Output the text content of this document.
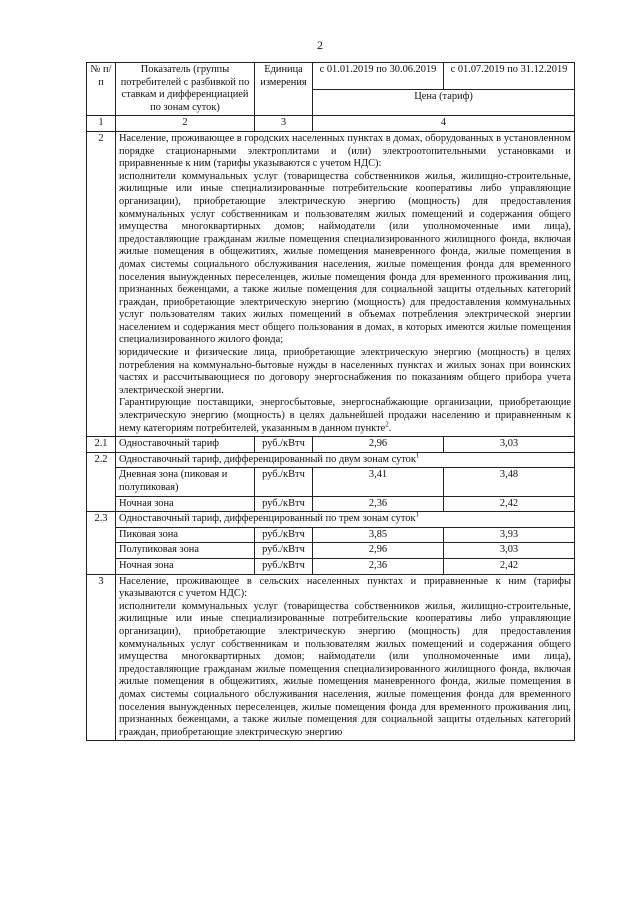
2
№ п/п	Показатель (группы потребителей с разбивкой по ставкам и дифференциацией по зонам суток)	Единица измерения	с 01.01.2019 по 30.06.2019	с 01.07.2019 по 31.12.2019
			Цена (тариф)	
1	2	3	4	
2	Население, проживающее в городских населенных пунктах в домах, оборудованных в установленном порядке стационарными электроплитами и (или) электроотопительными установками и приравненные к ним (тарифы указываются с учетом НДС):

исполнители коммунальных услуг (товарищества собственников жилья, жилищно-строительные, жилищные или иные специализированные потребительские кооперативы либо управляющие организации), приобретающие электрическую энергию (мощность) для предоставления коммунальных услуг собственникам и пользователям жилых помещений и содержания общего имущества многоквартирных домов; наймодатели (или уполномоченные ими лица), предоставляющие гражданам жилые помещения специализированного жилищного фонда, включая жилые помещения в общежитиях, жилые помещения маневренного фонда, жилые помещения в домах системы социального обслуживания населения, жилые помещения фонда для временного поселения вынужденных переселенцев, жилые помещения фонда для временного проживания лиц, признанных беженцами, а также жилые помещения для социальной защиты отдельных категорий граждан, приобретающие электрическую энергию (мощность) для предоставления коммунальных услуг пользователям таких жилых помещений в объемах потребления электрической энергии населением и содержания мест общего пользования в домах, в которых имеются жилые помещения специализированного жилого фонда;

юридические и физические лица, приобретающие электрическую энергию (мощность) в целях потребления на коммунально-бытовые нужды в населенных пунктах и жилых зонах при воинских частях и рассчитывающиеся по договору энергоснабжения по показаниям общего прибора учета электрической энергии.

Гарантирующие поставщики, энергосбытовые, энергоснабжающие организации, приобретающие электрическую энергию (мощность) в целях дальнейшей продажи населению и приравненным к нему категориям потребителей, указанным в данном пункте$^2$.			

2.1	Одноставочный тариф	руб./кВтч	2,96	3,03
2.2	Одноставочный тариф, дифференцированный по двум зонам суток$^1$
	Дневная зона (пиковая и полупиковая)	руб./кВтч	3,41	3,48
	Ночная зона	руб./кВтч	2,36	2,42
2.3	Одноставочный тариф, дифференцированный по трем зонам суток$^1$
	Пиковая зона	руб./кВтч	3,85	3,93
	Полупиковая зона	руб./кВтч	2,96	3,03
	Ночная зона	руб./кВтч	2,36	2,42
3	Население, проживающее в сельских населенных пунктах и приравненные к ним (тарифы указываются с учетом НДС):

исполнители коммунальных услуг (товарищества собственников жилья, жилищно-строительные, жилищные или иные специализированные потребительские кооперативы либо управляющие организации), приобретающие электрическую энергию (мощность) для предоставления коммунальных услуг собственникам и пользователям жилых помещений и содержания общего имущества многоквартирных домов; наймодатели (или уполномоченные ими лица), предоставляющие гражданам жилые помещения специализированного жилищного фонда, включая жилые помещения в общежитиях, жилые помещения маневренного фонда, жилые помещения в домах системы социального обслуживания населения, жилые помещения фонда для временного поселения вынужденных переселенцев, жилые помещения фонда для временного проживания лиц, признанных беженцами, а также жилые помещения для социальной защиты отдельных категорий граждан, приобретающие электрическую энергию			
